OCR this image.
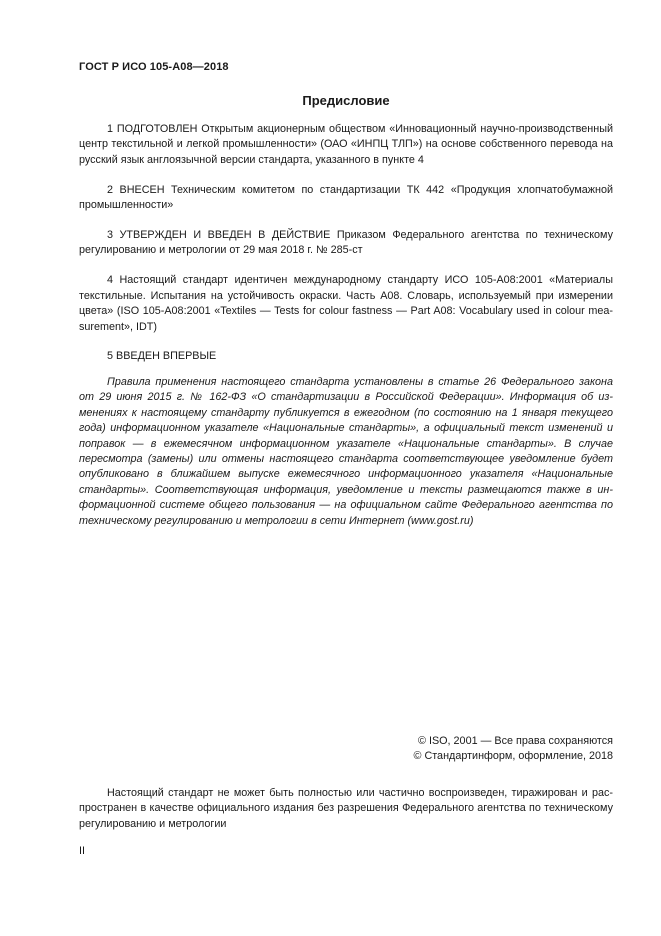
ГОСТ Р ИСО 105-А08—2018
Предисловие

1 ПОДГОТОВЛЕН Открытым акционерным обществом «Инновационный научно-производственный центр текстильной и легкой промышленности» (ОАО «ИНПЦ ТЛП») на основе собственного перевода на русский язык англоязычной версии стандарта, указанного в пункте 4

2 ВНЕСЕН Техническим комитетом по стандартизации ТК 442 «Продукция хлопчатобумажной промышленности»

3 УТВЕРЖДЕН И ВВЕДЕН В ДЕЙСТВИЕ Приказом Федерального агентства по техническому регулированию и метрологии от 29 мая 2018 г. № 285-ст

4 Настоящий стандарт идентичен международному стандарту ИСО 105-А08:2001 «Материалы текстильные. Испытания на устойчивость окраски. Часть А08. Словарь, используемый при измерении цвета» (ISO 105-A08:2001 «Textiles — Tests for colour fastness — Part A08: Vocabulary used in colour measurement», IDT)

5 ВВЕДЕН ВПЕРВЫЕ

Правила применения настоящего стандарта установлены в статье 26 Федерального закона от 29 июня 2015 г. № 162-ФЗ «О стандартизации в Российской Федерации». Информация об изменениях к настоящему стандарту публикуется в ежегодном (по состоянию на 1 января текущего года) информационном указателе «Национальные стандарты», а официальный текст изменений и поправок — в ежемесячном информационном указателе «Национальные стандарты». В случае пересмотра (замены) или отмены настоящего стандарта соответствующее уведомление будет опубликовано в ближайшем выпуске ежемесячного информационного указателя «Национальные стандарты». Соответствующая информация, уведомление и тексты размещаются также в информационной системе общего пользования — на официальном сайте Федерального агентства по техническому регулированию и метрологии в сети Интернет (www.gost.ru)

© ISO, 2001 — Все права сохраняются
© Стандартинформ, оформление, 2018

Настоящий стандарт не может быть полностью или частично воспроизведен, тиражирован и распространен в качестве официального издания без разрешения Федерального агентства по техническому регулированию и метрологии

II
